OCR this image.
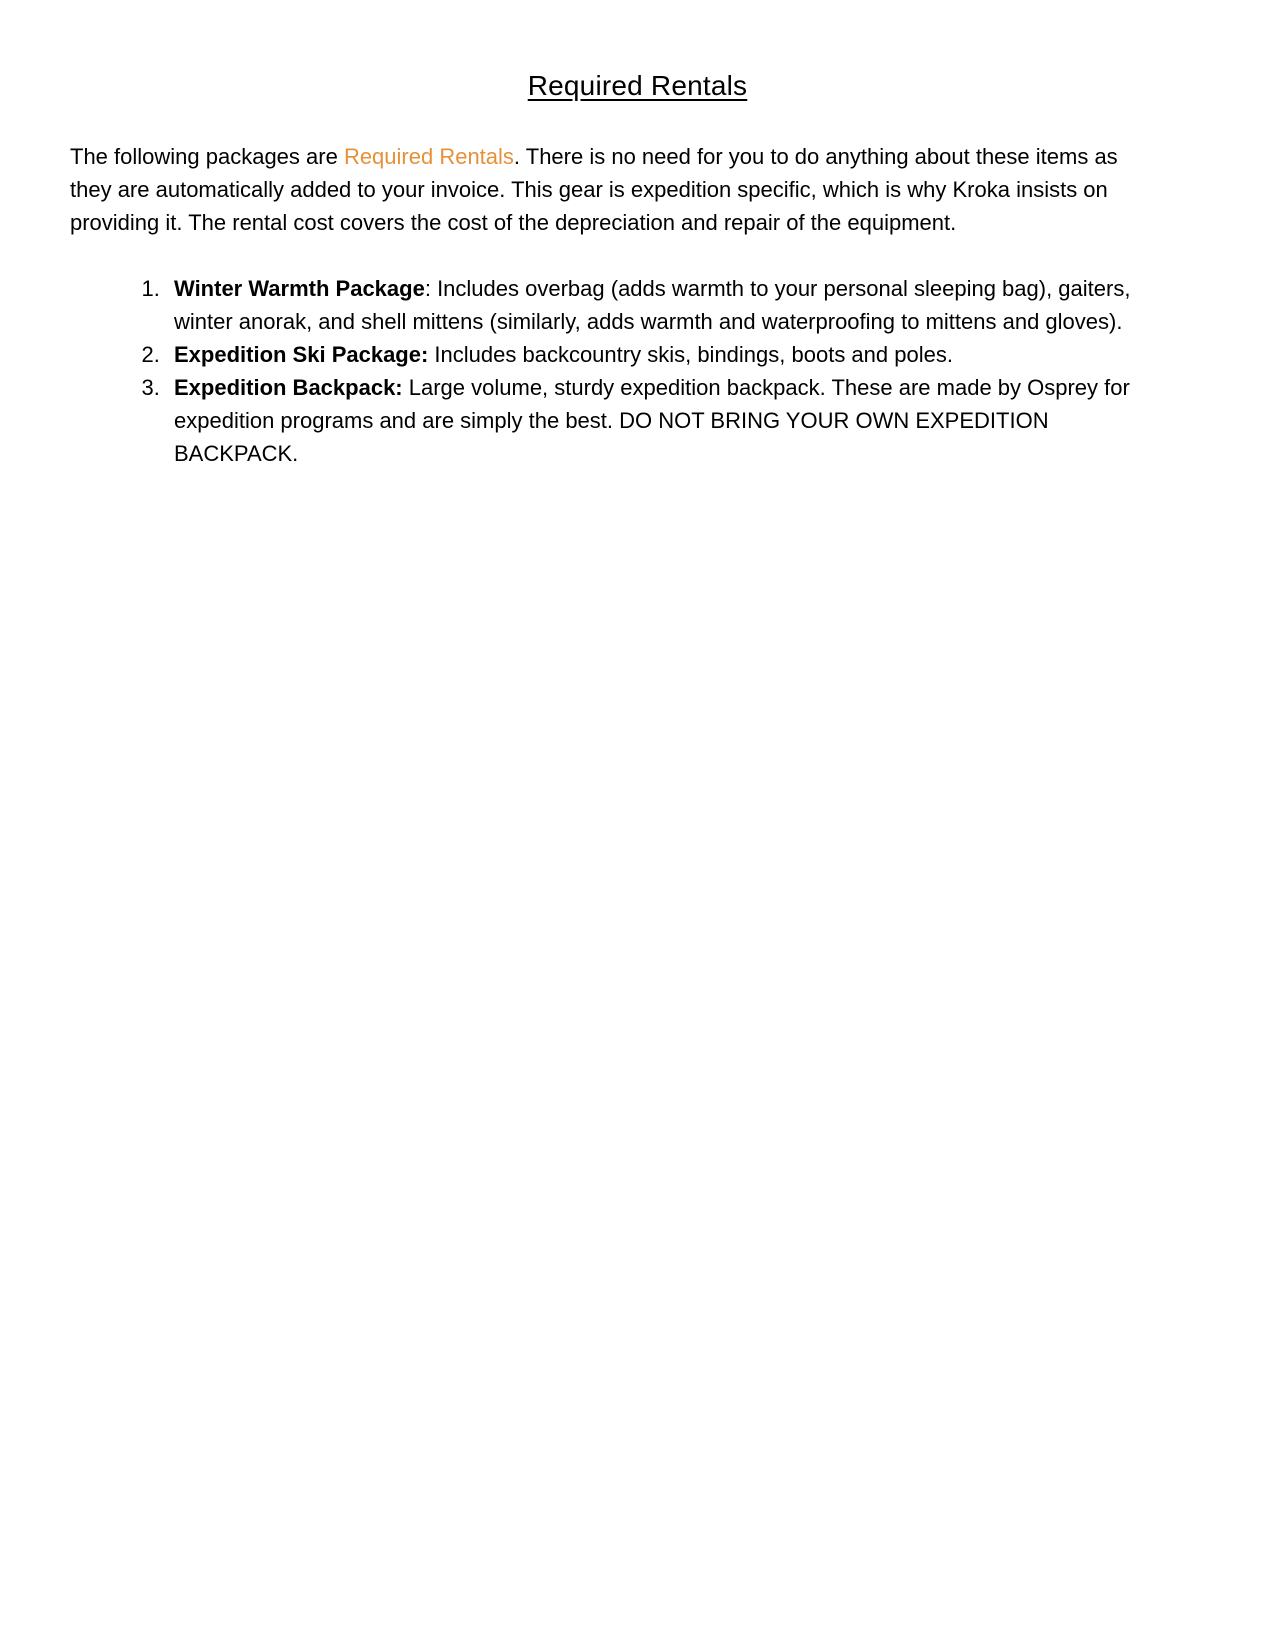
Required Rentals

The following packages are Required Rentals. There is no need for you to do anything about these items as they are automatically added to your invoice. This gear is expedition specific, which is why Kroka insists on providing it. The rental cost covers the cost of the depreciation and repair of the equipment.

1. Winter Warmth Package: Includes overbag (adds warmth to your personal sleeping bag), gaiters, winter anorak, and shell mittens (similarly, adds warmth and waterproofing to mittens and gloves).
2. Expedition Ski Package: Includes backcountry skis, bindings, boots and poles.
3. Expedition Backpack: Large volume, sturdy expedition backpack. These are made by Osprey for expedition programs and are simply the best. DO NOT BRING YOUR OWN EXPEDITION BACKPACK.
